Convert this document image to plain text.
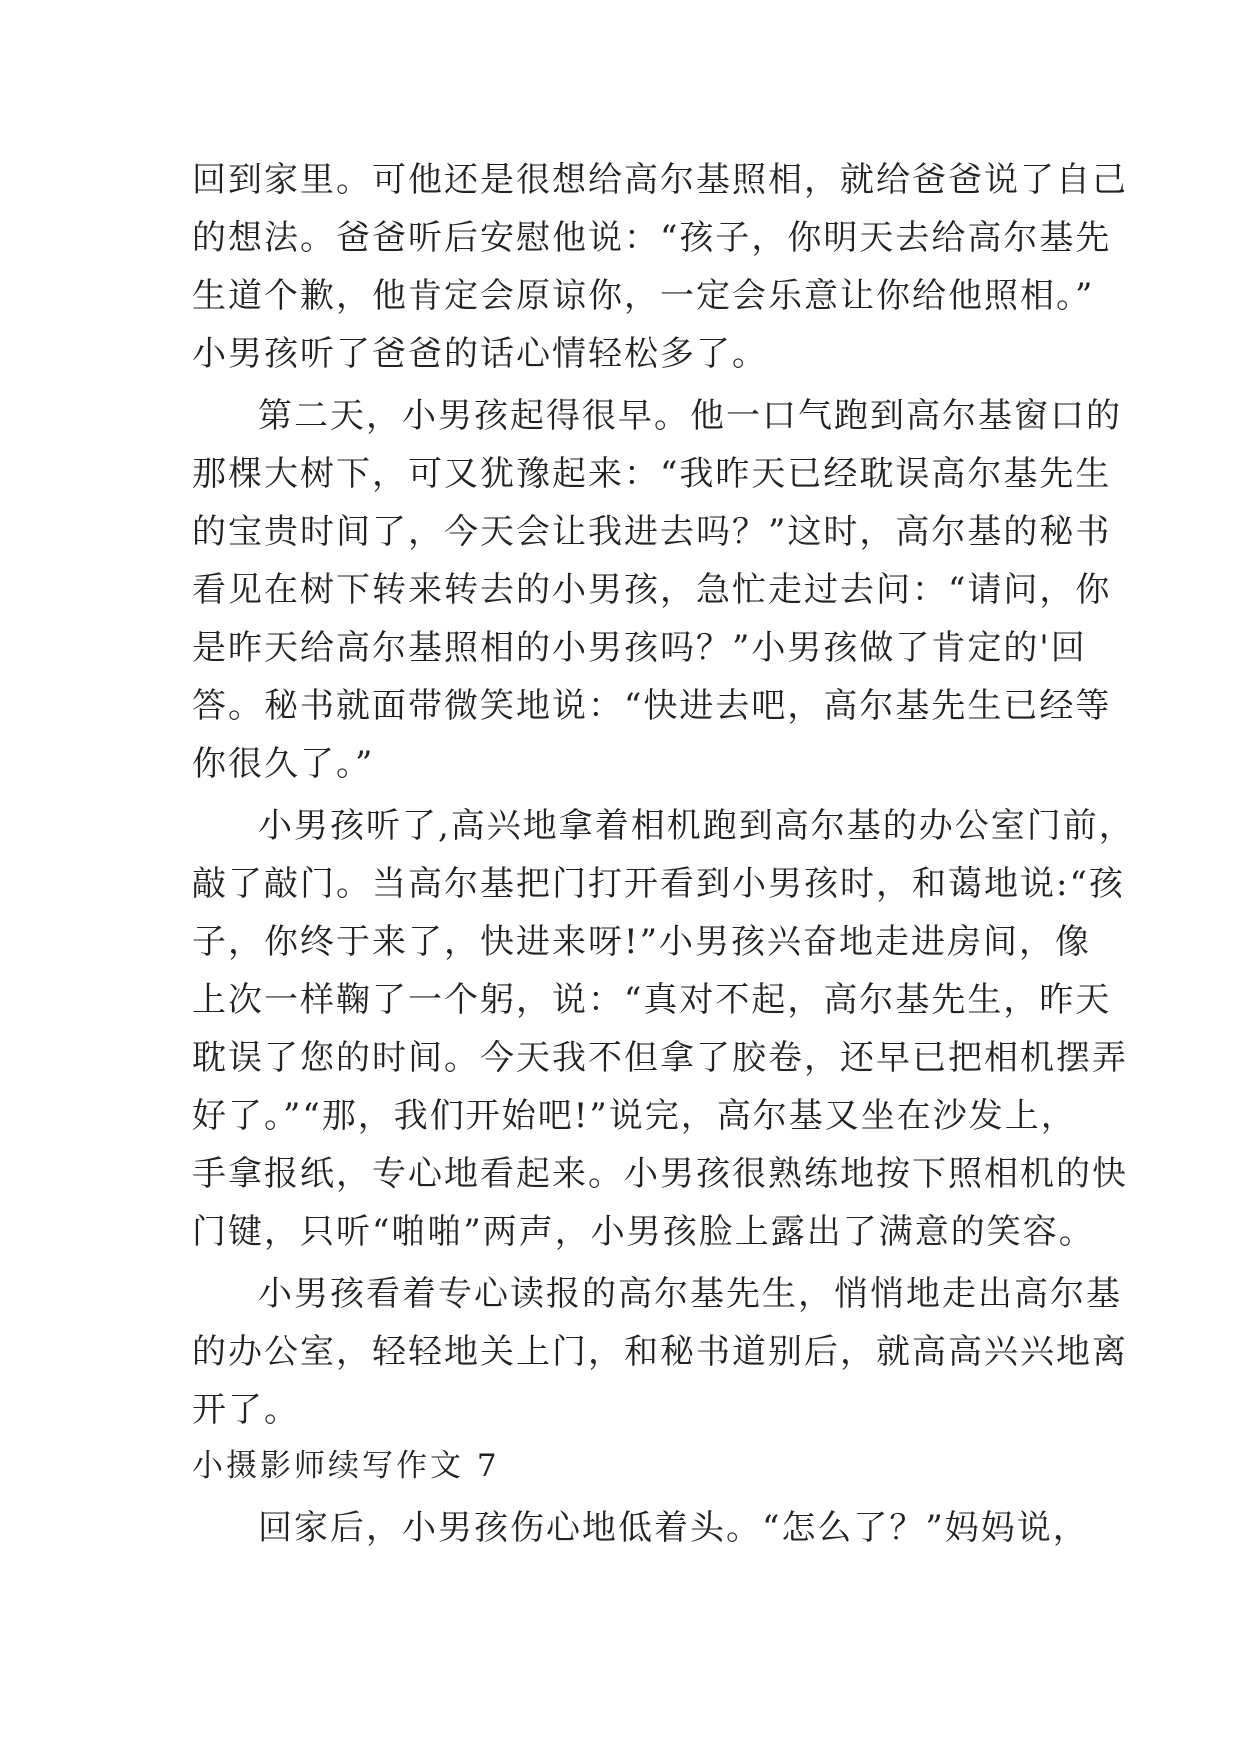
回到家里。可他还是很想给高尔基照相，就给爸爸说了自己
的想法。爸爸听后安慰他说：“孩子，你明天去给高尔基先
生道个歉，他肯定会原谅你，一定会乐意让你给他照相。”
小男孩听了爸爸的话心情轻松多了。
第二天，小男孩起得很早。他一口气跑到高尔基窗口的
那棵大树下，可又犹豫起来：“我昨天已经耽误高尔基先生
的宝贵时间了，今天会让我进去吗？”这时，高尔基的秘书
看见在树下转来转去的小男孩，急忙走过去问：“请问，你
是昨天给高尔基照相的小男孩吗？”小男孩做了肯定的'回
答。秘书就面带微笑地说：“快进去吧，高尔基先生已经等
你很久了。”
小男孩听了,高兴地拿着相机跑到高尔基的办公室门前，
敲了敲门。当高尔基把门打开看到小男孩时，和蔼地说:“孩
子，你终于来了，快进来呀!”小男孩兴奋地走进房间，像
上次一样鞠了一个躬，说：“真对不起，高尔基先生，昨天
耽误了您的时间。今天我不但拿了胶卷，还早已把相机摆弄
好了。”“那，我们开始吧!”说完，高尔基又坐在沙发上，
手拿报纸，专心地看起来。小男孩很熟练地按下照相机的快
门键，只听“啪啪”两声，小男孩脸上露出了满意的笑容。
小男孩看着专心读报的高尔基先生，悄悄地走出高尔基
的办公室，轻轻地关上门，和秘书道别后，就高高兴兴地离
开了。
小摄影师续写作文 7
回家后，小男孩伤心地低着头。“怎么了？”妈妈说，
